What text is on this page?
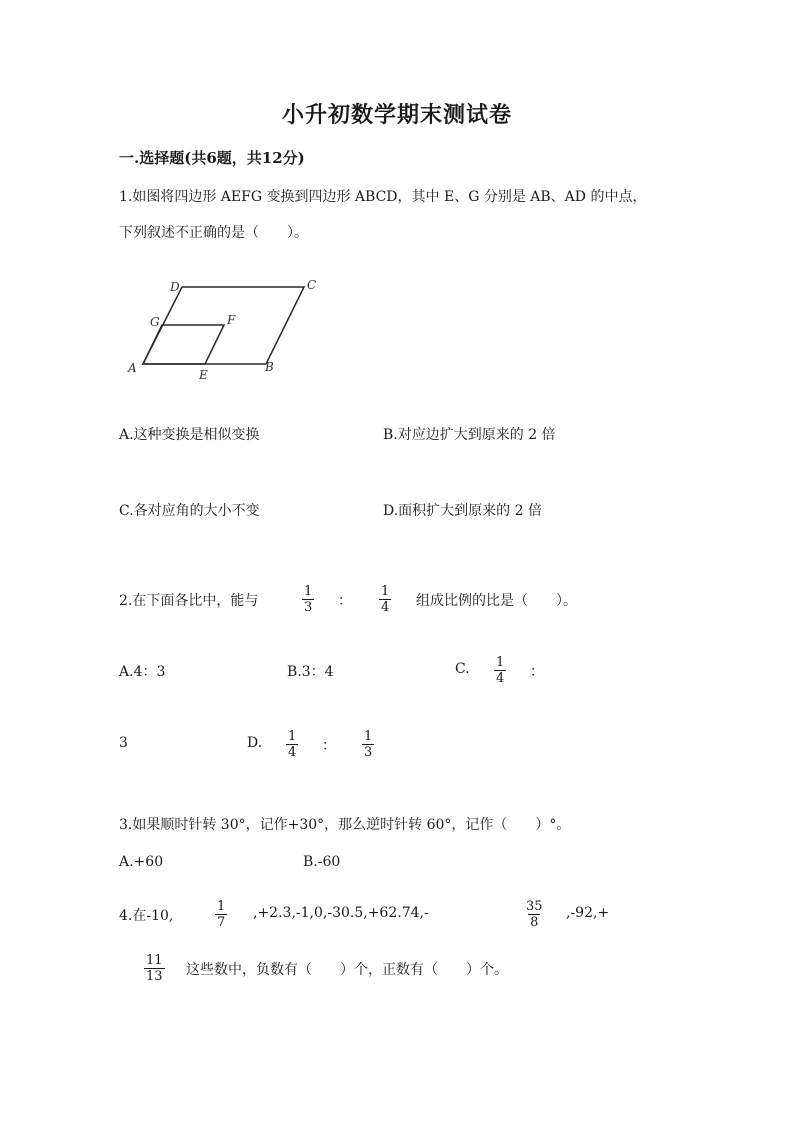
小升初数学期末测试卷
一.选择题(共6题，共12分)
1.如图将四边形 AEFG 变换到四边形 ABCD，其中 E、G 分别是 AB、AD 的中点，
下列叙述不正确的是（　　）。
A	B
C
D
E
F
G
A.这种变换是相似变换	B.对应边扩大到原来的 2 倍
C.各对应角的大小不变	D.面积扩大到原来的 2 倍
2.在下面各比中，能与	$\frac{1}{3}$ ： $\frac{1}{4}$ 组成比例的比是（　　）。
A.4：3	B.3：4	C. $\frac{1}{4}$ ：
3	D. $\frac{1}{4}$ ： $\frac{1}{3}$
3.如果顺时针转 30°，记作+30°，那么逆时针转 60°，记作（　　）°。
A.+60	B.-60
4.在-10,	$\frac{1}{7} ,+2.3,-1,0,-30.5,+62.74,-$	$\frac{35}{8} ,-92,+$
$\frac{11}{13}$ 这些数中，负数有（　　）个，正数有（　　）个。
